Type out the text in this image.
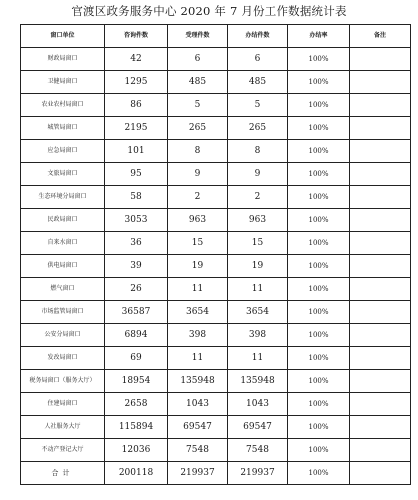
官渡区政务服务中心 2020 年 7 月份工作数据统计表
窗口单位	咨询件数	受理件数	办结件数	办结率	备注
财政局窗口	42	6	6	100%	
卫健局窗口	1295	485	485	100%	
农业农村局窗口	86	5	5	100%	
城管局窗口	2195	265	265	100%	
应急局窗口	101	8	8	100%	
文旅局窗口	95	9	9	100%	
生态环境分局窗口	58	2	2	100%	
民政局窗口	3053	963	963	100%	
自来水窗口	36	15	15	100%	
供电局窗口	39	19	19	100%	
燃气窗口	26	11	11	100%	
市场监管局窗口	36587	3654	3654	100%	
公安分局窗口	6894	398	398	100%	
发改局窗口	69	11	11	100%	
税务局窗口（服务大厅）	18954	135948	135948	100%	
住建局窗口	2658	1043	1043	100%	
人社服务大厅	115894	69547	69547	100%	
不动产登记大厅	12036	7548	7548	100%	
合计	200118	219937	219937	100%	
